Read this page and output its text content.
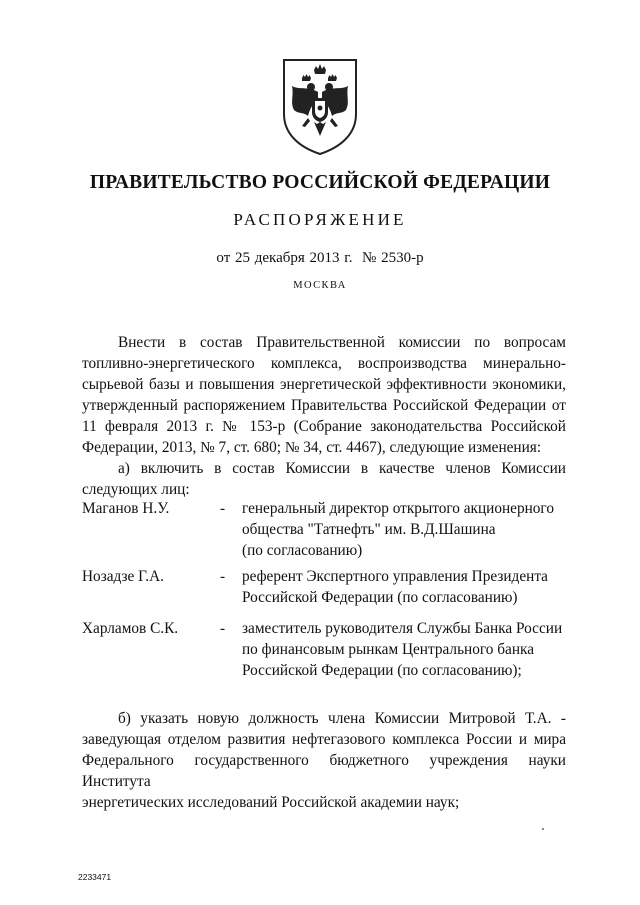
ПРАВИТЕЛЬСТВО РОССИЙСКОЙ ФЕДЕРАЦИИ
РАСПОРЯЖЕНИЕ
от 25 декабря 2013 г.  № 2530-р
МОСКВА
Внести в состав Правительственной комиссии по вопросам
топливно-энергетического комплекса, воспроизводства минерально-
сырьевой базы и повышения энергетической эффективности экономики,
утвержденный распоряжением Правительства Российской Федерации от
11 февраля 2013 г. № 153-р (Собрание законодательства Российской
Федерации, 2013, № 7, ст. 680; № 34, ст. 4467), следующие изменения:
а) включить в состав Комиссии в качестве членов Комиссии
следующих лиц:
Маганов Н.У.	- генеральный директор открытого акционерного
общества "Татнефть" им. В.Д.Шашина
(по согласованию)
Нозадзе Г.А.	- референт Экспертного управления Президента
Российской Федерации (по согласованию)
Харламов С.К.	- заместитель руководителя Службы Банка России
по финансовым рынкам Центрального банка
Российской Федерации (по согласованию);
б) указать новую должность члена Комиссии Митровой Т.А. -
заведующая отделом развития нефтегазового комплекса России и мира
Федерального государственного бюджетного учреждения науки Института
энергетических исследований Российской академии наук;
2233471
